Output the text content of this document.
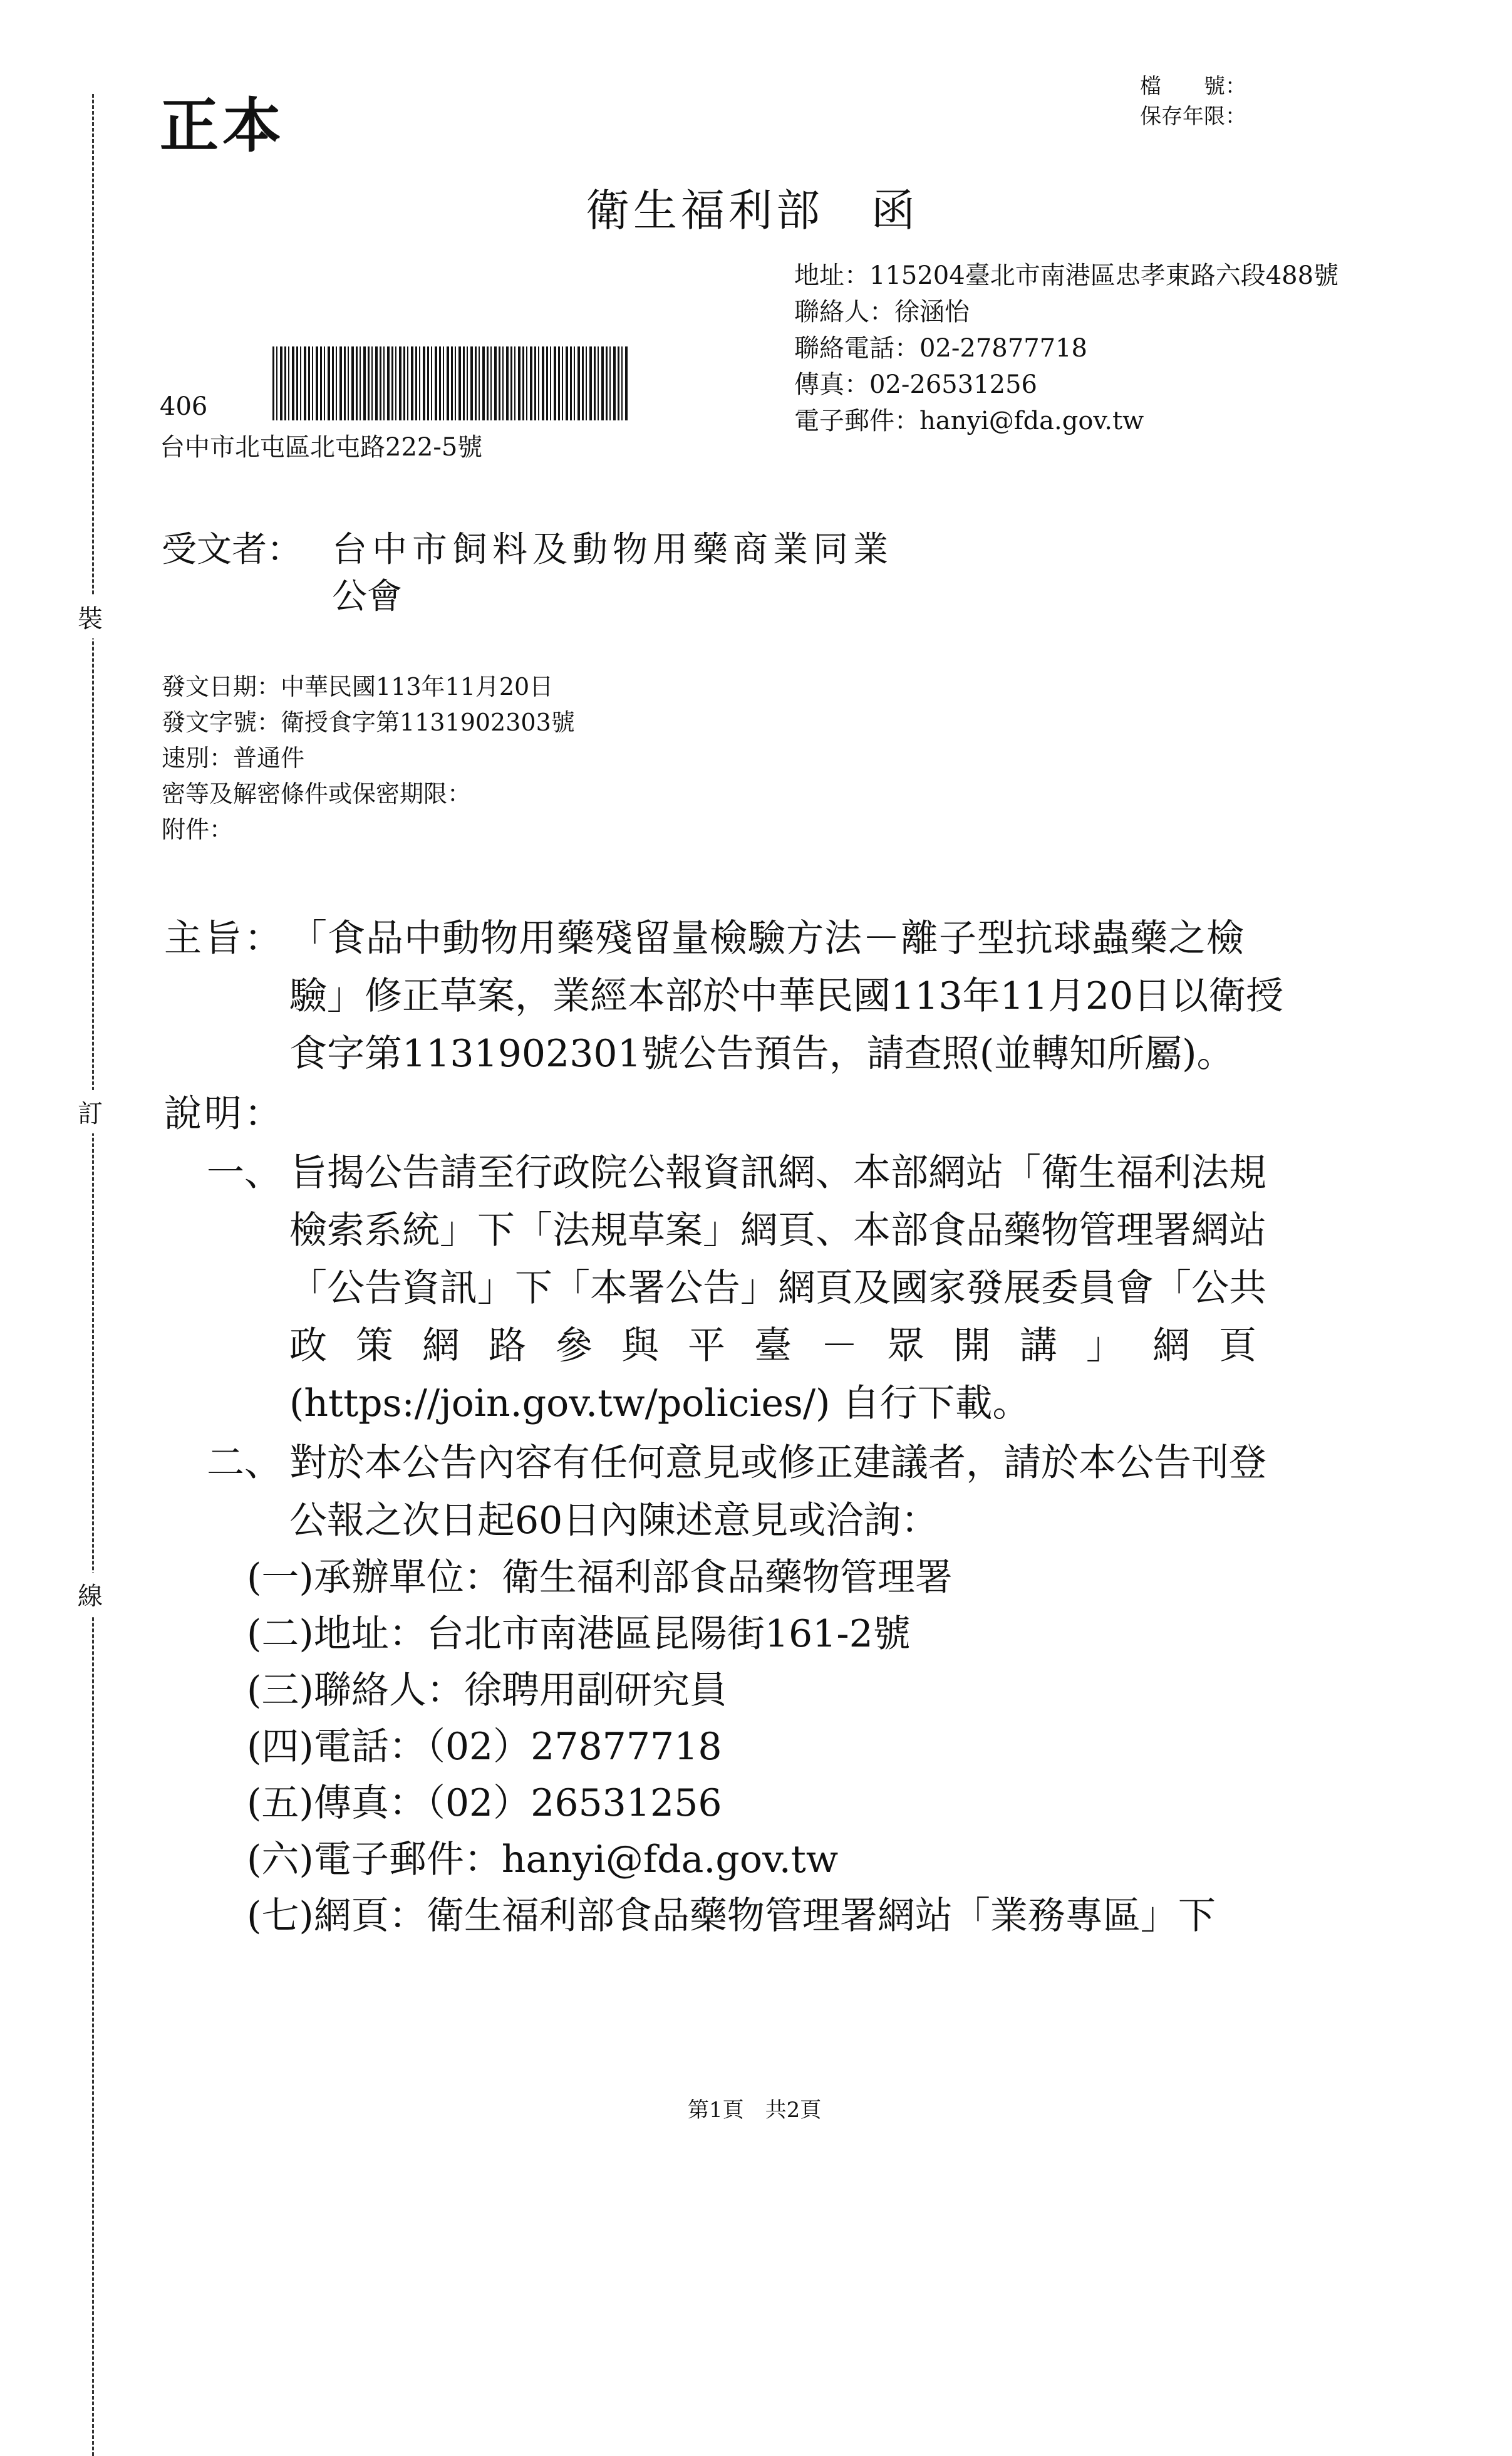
裝
訂
線
正本
檔　　號：
保存年限：
衛生福利部　函
地址：115204臺北市南港區忠孝東路六段488號
聯絡人：徐涵怡
聯絡電話：02-27877718
傳真：02-26531256
電子郵件：hanyi@fda.gov.tw
406
台中市北屯區北屯路222-5號
受文者： 台中市飼料及動物用藥商業同業
公會
發文日期：中華民國113年11月20日
發文字號：衛授食字第1131902303號
速別：普通件
密等及解密條件或保密期限：
附件：
主旨： 「食品中動物用藥殘留量檢驗方法－離子型抗球蟲藥之檢
驗」修正草案，業經本部於中華民國113年11月20日以衛授
食字第1131902301號公告預告，請查照(並轉知所屬)。
說明：
一、 旨揭公告請至行政院公報資訊網、本部網站「衛生福利法規
檢索系統」下「法規草案」網頁、本部食品藥物管理署網站
「公告資訊」下「本署公告」網頁及國家發展委員會「公共
政策網路參與平臺－眾開講」網頁
(https://join.gov.tw/policies/) 自行下載。
二、 對於本公告內容有任何意見或修正建議者，請於本公告刊登
公報之次日起60日內陳述意見或洽詢：
(一)承辦單位：衛生福利部食品藥物管理署
(二)地址：台北市南港區昆陽街161-2號
(三)聯絡人：徐聘用副研究員
(四)電話：（02）27877718
(五)傳真：（02）26531256
(六)電子郵件：hanyi@fda.gov.tw
(七)網頁：衛生福利部食品藥物管理署網站「業務專區」下
第1頁　共2頁
